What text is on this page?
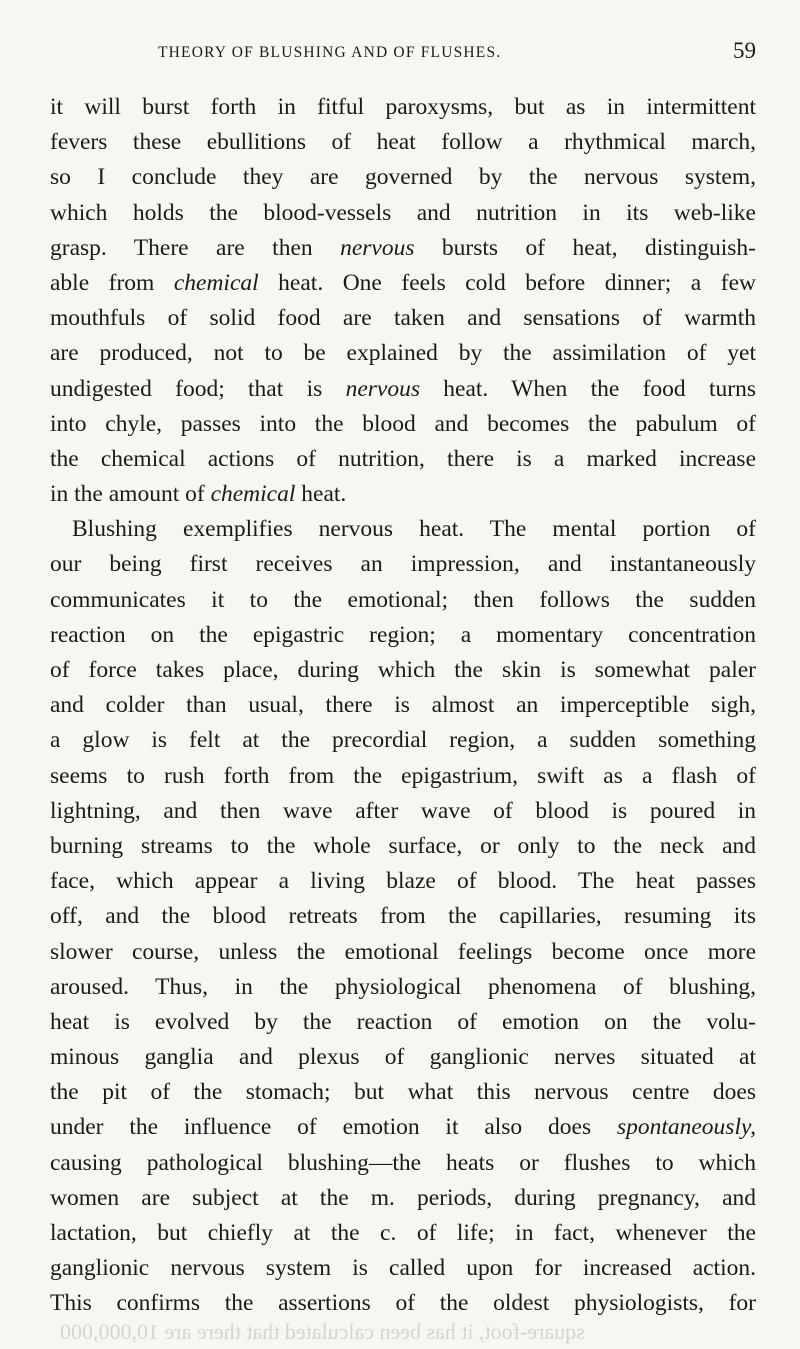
THEORY OF BLUSHING AND OF FLUSHES.	59
it will burst forth in fitful paroxysms, but as in intermittent
fevers these ebullitions of heat follow a rhythmical march,
so I conclude they are governed by the nervous system,
which holds the blood-vessels and nutrition in its web-like
grasp. There are then nervous bursts of heat, distinguish-
able from chemical heat. One feels cold before dinner; a few
mouthfuls of solid food are taken and sensations of warmth
are produced, not to be explained by the assimilation of yet
undigested food; that is nervous heat. When the food turns
into chyle, passes into the blood and becomes the pabulum of
the chemical actions of nutrition, there is a marked increase
in the amount of chemical heat.
Blushing exemplifies nervous heat. The mental portion of
our being first receives an impression, and instantaneously
communicates it to the emotional; then follows the sudden
reaction on the epigastric region; a momentary concentration
of force takes place, during which the skin is somewhat paler
and colder than usual, there is almost an imperceptible sigh,
a glow is felt at the precordial region, a sudden something
seems to rush forth from the epigastrium, swift as a flash of
lightning, and then wave after wave of blood is poured in
burning streams to the whole surface, or only to the neck and
face, which appear a living blaze of blood. The heat passes
off, and the blood retreats from the capillaries, resuming its
slower course, unless the emotional feelings become once more
aroused. Thus, in the physiological phenomena of blushing,
heat is evolved by the reaction of emotion on the volu-
minous ganglia and plexus of ganglionic nerves situated at
the pit of the stomach; but what this nervous centre does
under the influence of emotion it also does spontaneously,
causing pathological blushing—the heats or flushes to which
women are subject at the m. periods, during pregnancy, and
lactation, but chiefly at the c. of life; in fact, whenever the
ganglionic nervous system is called upon for increased action.
This confirms the assertions of the oldest physiologists, for
square-foot, it has been calculated that there are 10,000,000
